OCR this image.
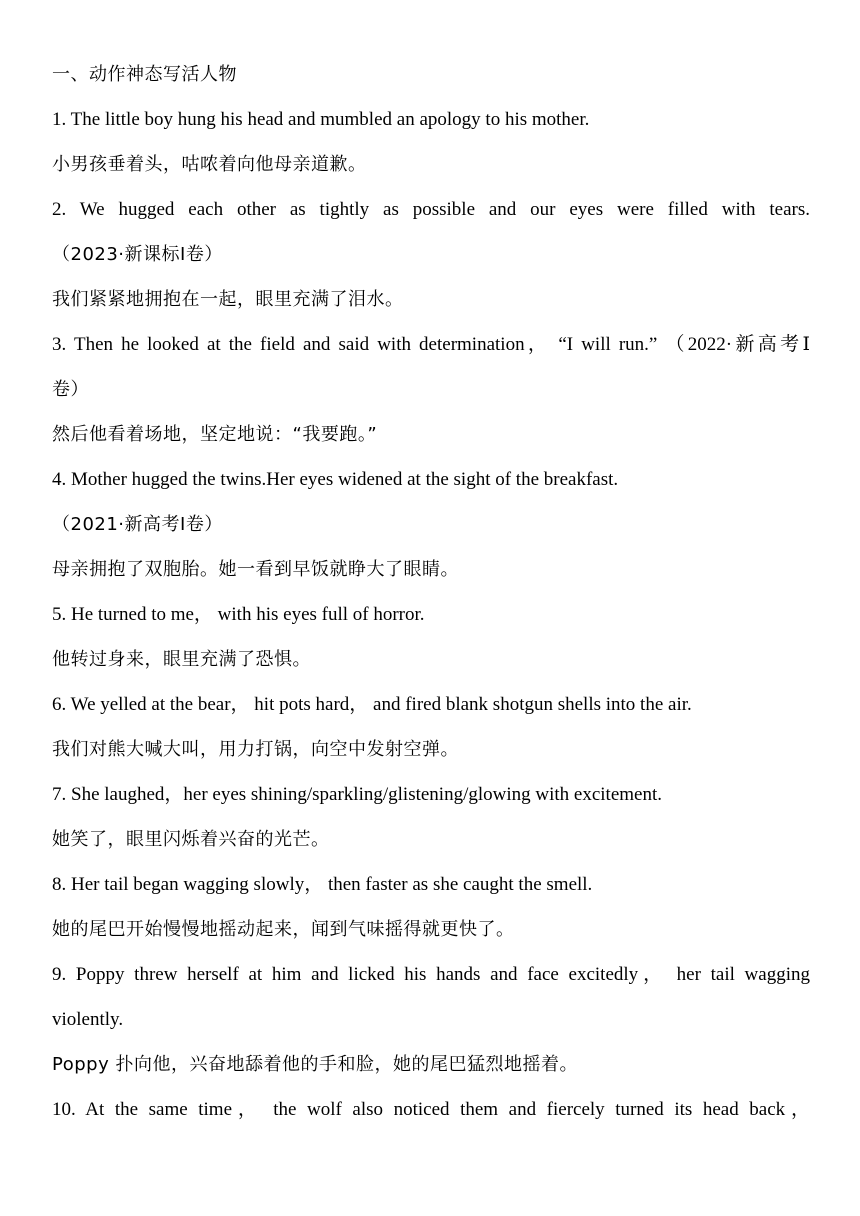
一、动作神态写活人物
1. The little boy hung his head and mumbled an apology to his mother.
小男孩垂着头，咕哝着向他母亲道歉。
2. We hugged each other as tightly as possible and our eyes were filled with tears.
（2023·新课标Ⅰ卷）
我们紧紧地拥抱在一起，眼里充满了泪水。
3. Then he looked at the field and said with determination， “I will run.” （2022·新高考Ⅰ
卷）
然后他看着场地，坚定地说：“我要跑。”
4. Mother hugged the twins.Her eyes widened at the sight of the breakfast.
（2021·新高考Ⅰ卷）
母亲拥抱了双胞胎。她一看到早饭就睁大了眼睛。
5. He turned to me， with his eyes full of horror.
他转过身来，眼里充满了恐惧。
6. We yelled at the bear， hit pots hard， and fired blank shotgun shells into the air.
我们对熊大喊大叫，用力打锅，向空中发射空弹。
7. She laughed，her eyes shining/sparkling/glistening/glowing with excitement.
她笑了，眼里闪烁着兴奋的光芒。
8. Her tail began wagging slowly， then faster as she caught the smell.
她的尾巴开始慢慢地摇动起来，闻到气味摇得就更快了。
9. Poppy threw herself at him and licked his hands and face excitedly， her tail wagging
violently.
Poppy 扑向他，兴奋地舔着他的手和脸，她的尾巴猛烈地摇着。
10. At the same time， the wolf also noticed them and fiercely turned its head back，
